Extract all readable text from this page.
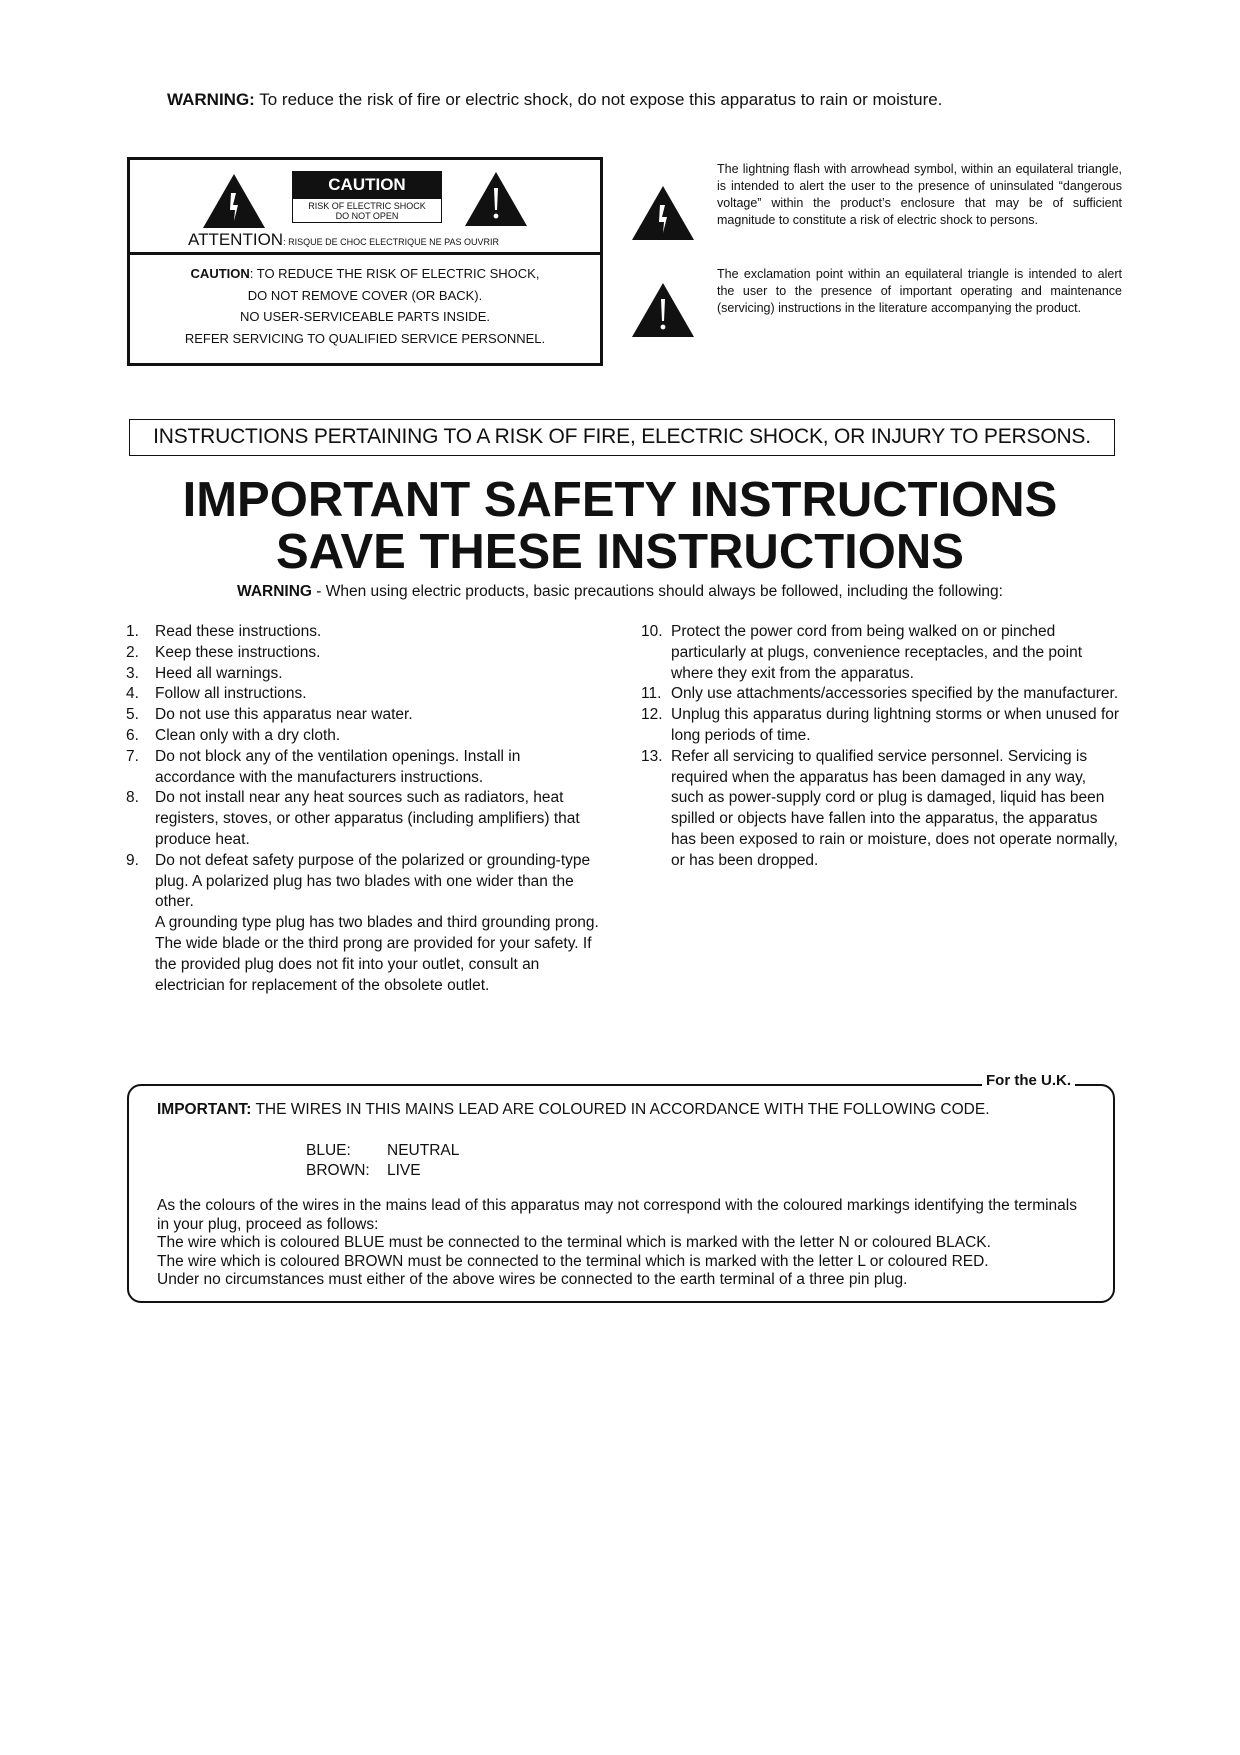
WARNING: To reduce the risk of fire or electric shock, do not expose this apparatus to rain or moisture.
CAUTION
RISK OF ELECTRIC SHOCK
DO NOT OPEN
ATTENTION: RISQUE DE CHOC ELECTRIQUE NE PAS OUVRIR
CAUTION: TO REDUCE THE RISK OF ELECTRIC SHOCK,
DO NOT REMOVE COVER (OR BACK).
NO USER-SERVICEABLE PARTS INSIDE.
REFER SERVICING TO QUALIFIED SERVICE PERSONNEL.
The lightning flash with arrowhead symbol, within an equilateral triangle, is intended to alert the user to the presence of uninsulated “dangerous voltage” within the product’s enclosure that may be of sufficient magnitude to constitute a risk of electric shock to persons.
The exclamation point within an equilateral triangle is intended to alert the user to the presence of important operating and maintenance (servicing) instructions in the literature accompanying the product.
INSTRUCTIONS PERTAINING TO A RISK OF FIRE, ELECTRIC SHOCK, OR INJURY TO PERSONS.
IMPORTANT SAFETY INSTRUCTIONS
SAVE THESE INSTRUCTIONS
WARNING - When using electric products, basic precautions should always be followed, including the following:
1.	Read these instructions.
2.	Keep these instructions.
3.	Heed all warnings.
4.	Follow all instructions.
5.	Do not use this apparatus near water.
6.	Clean only with a dry cloth.
7.	Do not block any of the ventilation openings. Install in accordance with the manufacturers instructions.
8.	Do not install near any heat sources such as radiators, heat registers, stoves, or other apparatus (including amplifiers) that produce heat.
9.	Do not defeat safety purpose of the polarized or grounding-type plug. A polarized plug has two blades with one wider than the other.
A grounding type plug has two blades and third grounding prong. The wide blade or the third prong are provided for your safety. If the provided plug does not fit into your outlet, consult an electrician for replacement of the obsolete outlet.
10. Protect the power cord from being walked on or pinched particularly at plugs, convenience receptacles, and the point where they exit from the apparatus.
11. Only use attachments/accessories specified by the manufacturer.
12. Unplug this apparatus during lightning storms or when unused for long periods of time.
13. Refer all servicing to qualified service personnel. Servicing is required when the apparatus has been damaged in any way, such as power-supply cord or plug is damaged, liquid has been spilled or objects have fallen into the apparatus, the apparatus has been exposed to rain or moisture, does not operate normally, or has been dropped.
For the U.K.
IMPORTANT: THE WIRES IN THIS MAINS LEAD ARE COLOURED IN ACCORDANCE WITH THE FOLLOWING CODE.
BLUE: NEUTRAL
BROWN: LIVE
As the colours of the wires in the mains lead of this apparatus may not correspond with the coloured markings identifying the terminals in your plug, proceed as follows:
The wire which is coloured BLUE must be connected to the terminal which is marked with the letter N or coloured BLACK.
The wire which is coloured BROWN must be connected to the terminal which is marked with the letter L or coloured RED.
Under no circumstances must either of the above wires be connected to the earth terminal of a three pin plug.
